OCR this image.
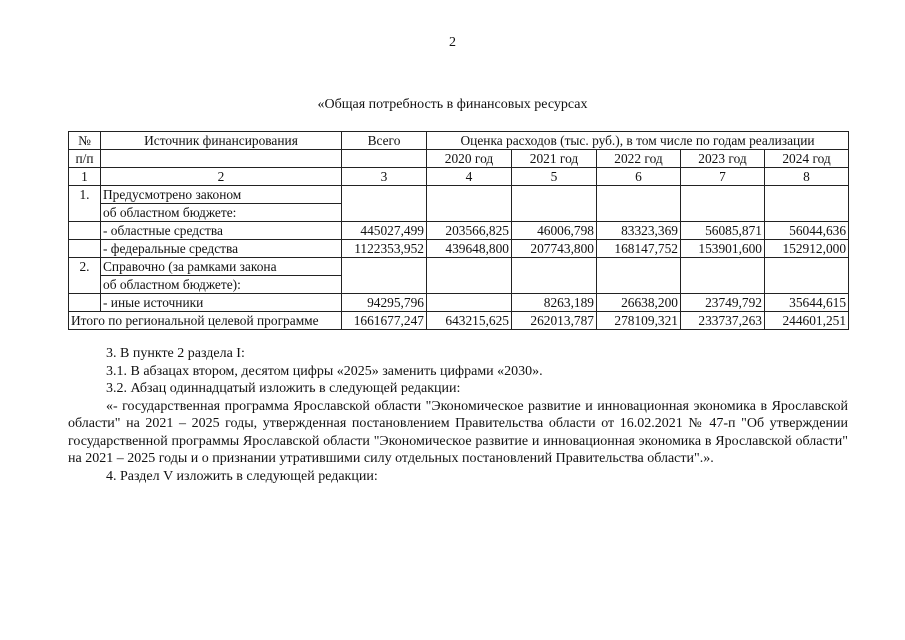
2
«Общая потребность в финансовых ресурсах
№	Источник финансирования	Всего	Оценка расходов (тыс. руб.), в том числе по годам реализации				
п/п			2020 год	2021 год	2022 год	2023 год	2024 год
1	2	3	4	5	6	7	8
1.	Предусмотрено законом						
	об областном бюджете:						
	- областные средства	445027,499	203566,825	46006,798	83323,369	56085,871	56044,636
	- федеральные средства	1122353,952	439648,800	207743,800	168147,752	153901,600	152912,000
2.	Справочно (за рамками закона						
	об областном бюджете):						
	- иные источники	94295,796		8263,189	26638,200	23749,792	35644,615
Итого по региональной целевой программе		1661677,247	643215,625	262013,787	278109,321	233737,263	244601,251

3. В пункте 2 раздела I:

3.1. В абзацах втором, десятом цифры «2025» заменить цифрами «2030».

3.2. Абзац одиннадцатый изложить в следующей редакции:

«- государственная программа Ярославской области "Экономическое развитие и инновационная экономика в Ярославской области" на 2021 – 2025 годы, утвержденная постановлением Правительства области от 16.02.2021 № 47-п "Об утверждении государственной программы Ярославской области "Экономическое развитие и инновационная экономика в Ярославской области" на 2021 – 2025 годы и о признании утратившими силу отдельных постановлений Правительства области".».

4. Раздел V изложить в следующей редакции:
